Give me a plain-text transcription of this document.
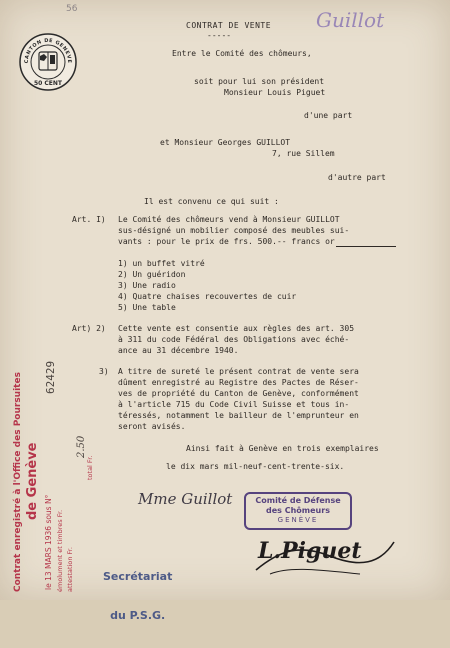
56	Guillot
CONTRAT DE VENTE
-----
CANTON DE GENEVE
50 CENT
Entre le Comité des chômeurs,
soit pour lui son président
Monsieur Louis Piguet
d'une part
et Monsieur Georges GUILLOT
7, rue Sillem
d'autre part
Il est convenu ce qui suit :
Art. I) Le Comité des chômeurs vend à Monsieur GUILLOT
sus-désigné un mobilier composé des meubles sui-
vants : pour le prix de frs. 500.-- francs or
1) un buffet vitré
2) Un guéridon
3) Une radio
4) Quatre chaises recouvertes de cuir
5) Une table
Art) 2) Cette vente est consentie aux règles des art. 305
à 311 du code Fédéral des Obligations avec éché-
ance au 31 décembre 1940.
3) A titre de sureté le présent contrat de vente sera
dûment enregistré au Registre des Pactes de Réser-
ves de propriété du Canton de Genève, conformément
à l'article 715 du Code Civil Suisse et tous in-
téressés, notamment le bailleur de l'emprunteur en
seront avisés.
Ainsi fait à Genève en trois exemplaires
le dix mars mil-neuf-cent-trente-six.
Contrat enregistré à l'Office des Poursuites de Genève
le 13 MARS 1936 sous N° émolument et timbres Fr. attestation Fr.
total Fr.
62429
2.50
Mme Guillot	Comité de Défense
des Chômeurs
GENÈVE

Secrétariat

du P.S.G.

L.Piguet
